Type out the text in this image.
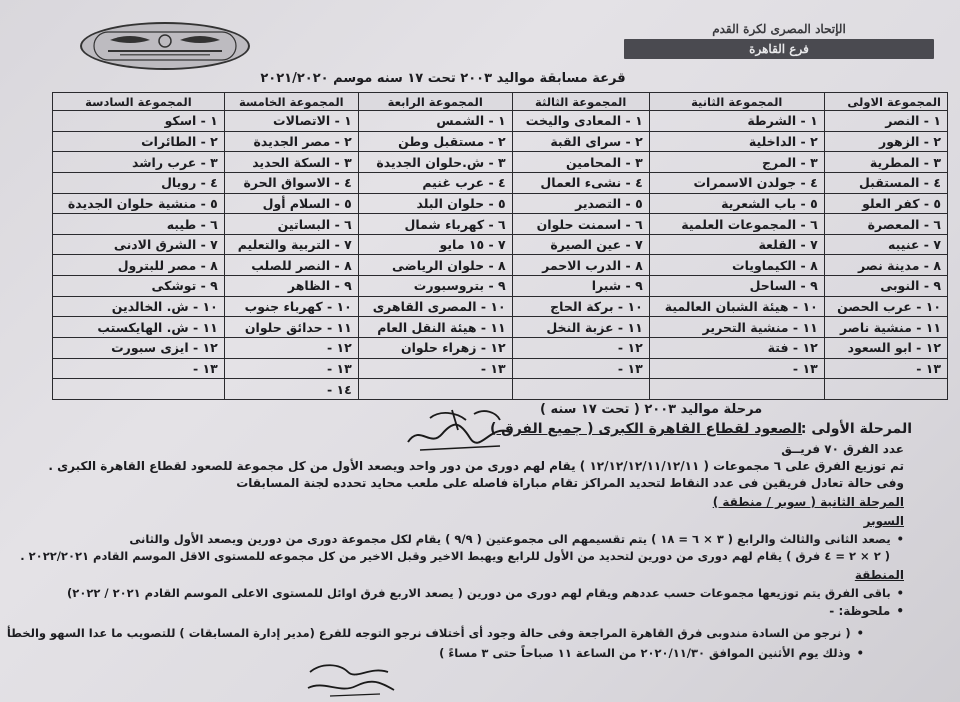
الإتحاد المصرى لكرة القدم
فرع القاهرة
قرعة مسابقة مواليد ٢٠٠٣ تحت ١٧ سنه موسم ٢٠٢١/٢٠٢٠
المجموعة الاولى	المجموعة الثانية	المجموعة الثالثة	المجموعة الرابعة	المجموعة الخامسة	المجموعة السادسة
١ - النصر	١ - الشرطة	١ - المعادى واليخت	١ - الشمس	١ - الاتصالات	١ - اسكو
٢ - الزهور	٢ - الداخلية	٢ - سراى القبة	٢ - مستقبل وطن	٢ - مصر الجديدة	٢ - الطائرات
٣ - المطرية	٣ - المرج	٣ - المحامين	٣ - ش.حلوان الجديدة	٣ - السكة الحديد	٣ - عرب راشد
٤ - المستقبل	٤ - جولدن الاسمرات	٤ - نشىء العمال	٤ - عرب غنيم	٤ - الاسواق الحرة	٤ - رويال
٥ - كفر العلو	٥ - باب الشعرية	٥ - التصدير	٥ - حلوان البلد	٥ - السلام أول	٥ - منشية حلوان الجديدة
٦ - المعصرة	٦ - المجموعات العلمية	٦ - اسمنت حلوان	٦ - كهرباء شمال	٦ - البساتين	٦ - طيبه
٧ - عنيبه	٧ - القلعة	٧ - عين الصيرة	٧ - ١٥ مايو	٧ - التربية والتعليم	٧ - الشرق الادنى
٨ - مدينة نصر	٨ - الكيماويات	٨ - الدرب الاحمر	٨ - حلوان الرياضى	٨ - النصر للصلب	٨ - مصر للبترول
٩ - النوبى	٩ - الساحل	٩ - شبرا	٩ - بتروسبورت	٩ - الظاهر	٩ - توشكى
١٠ - عرب الحصن	١٠ - هيئة الشبان العالمية	١٠ - بركة الحاج	١٠ - المصرى القاهرى	١٠ - كهرباء جنوب	١٠ - ش. الخالدين
١١ - منشية ناصر	١١ - منشية التحرير	١١ - عزبة النخل	١١ - هيئة النقل العام	١١ - حدائق حلوان	١١ - ش. الهايكستب
١٢ - ابو السعود	١٢ - فتة	١٢ -	١٢ - زهراء حلوان	١٢ -	١٢ - ايزى سبورت
١٣ -	١٣ -	١٣ -	١٣ -	١٣ -	١٣ -
				١٤ -	
مرحلة مواليد ٢٠٠٣ ( تحت ١٧ سنه )
المرحلة الأولى :
الصعود لقطاع القاهرة الكبرى ( جميع الفرق )
عدد الفرق ٧٠ فريــق
تم توزيع الفرق على ٦ مجموعات ( ١٢/١٢/١٢/١١/١٢/١١ ) يقام لهم دورى من دور واحد ويصعد الأول من كل مجموعة للصعود لقطاع القاهرة الكبرى .
وفى حالة تعادل فريقين فى عدد النقاط لتحديد المراكز تقام مباراة فاصله على ملعب محايد تحدده لجنة المسابقات
المرحلة الثانية ( سوبر / منطقة )
السوبر
• يصعد الثانى والثالث والرابع ( ٣ × ٦ = ١٨ ) يتم تقسيمهم الى مجموعتين ( ٩/٩ ) يقام لكل مجموعة دورى من دورين ويصعد الأول والثانى
( ٢ × ٢ = ٤ فرق ) يقام لهم دورى من دورين لتحديد من الأول للرابع ويهبط الاخير وقبل الاخير من كل مجموعه للمستوى الاقل الموسم القادم ٢٠٢٢/٢٠٢١ .
المنطقة
• باقى الفرق يتم توزيعها مجموعات حسب عددهم ويقام لهم دورى من دورين ( يصعد الاربع فرق اوائل للمستوى الاعلى الموسم القادم ٢٠٢١ / ٢٠٢٢)
• ملحوظة: -
• ( نرجو من السادة مندوبى فرق القاهرة المراجعة وفى حالة وجود أى أختلاف نرجو التوجه للفرع (مدير إدارة المسابقات ) للتصويب ما عدا السهو والخطأ
• وذلك يوم الأثنين الموافق ٢٠٢٠/١١/٣٠ من الساعة ١١ صباحاً حتى ٣ مساءً )
